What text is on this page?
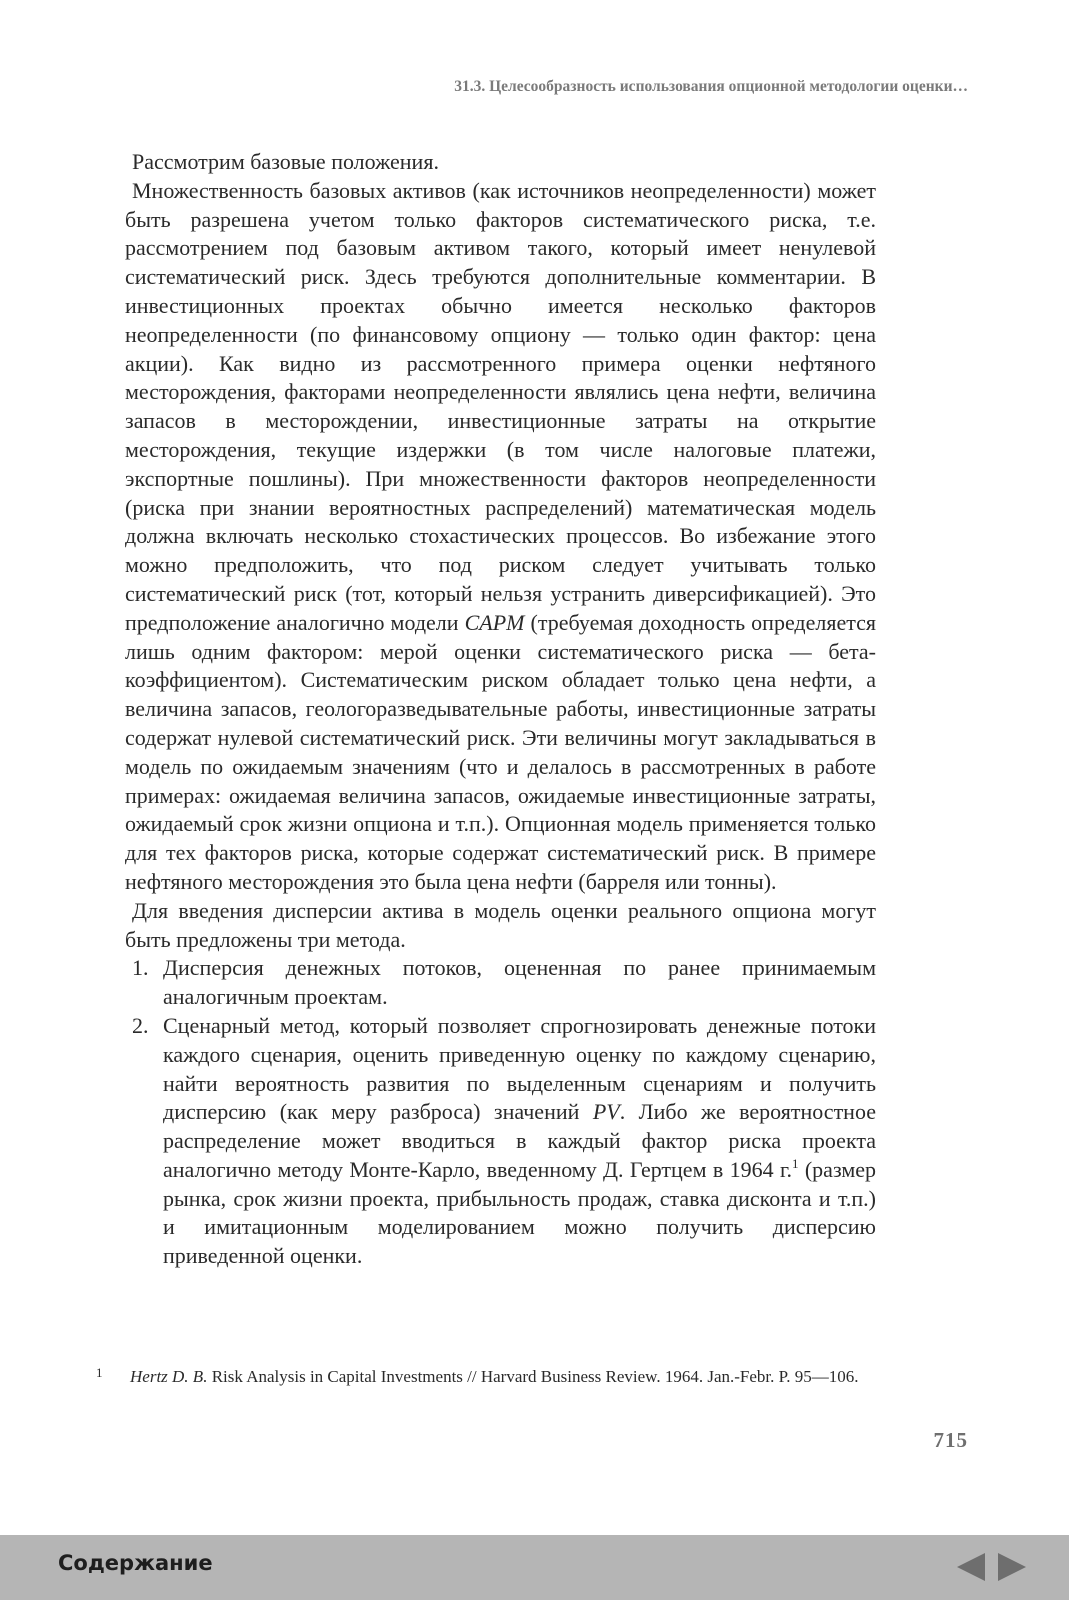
31.3. Целесообразность использования опционной методологии оценки…

Рассмотрим базовые положения.

Множественность базовых активов (как источников неопределенности) может быть разрешена учетом только факторов систематического риска, т.е. рассмотрением под базовым активом такого, который имеет ненулевой систематический риск. Здесь требуются дополнительные комментарии. В инвестиционных проектах обычно имеется несколько факторов неопределенности (по финансовому опциону — только один фактор: цена акции). Как видно из рассмотренного примера оценки нефтяного месторождения, факторами неопределенности являлись цена нефти, величина запасов в месторождении, инвестиционные затраты на открытие месторождения, текущие издержки (в том числе налоговые платежи, экспортные пошлины). При множественности факторов неопределенности (риска при знании вероятностных распределений) математическая модель должна включать несколько стохастических процессов. Во избежание этого можно предположить, что под риском следует учитывать только систематический риск (тот, который нельзя устранить диверсификацией). Это предположение аналогично модели CAPM (требуемая доходность определяется лишь одним фактором: мерой оценки систематического риска — бета-коэффициентом). Систематическим риском обладает только цена нефти, а величина запасов, геологоразведывательные работы, инвестиционные затраты содержат нулевой систематический риск. Эти величины могут закладываться в модель по ожидаемым значениям (что и делалось в рассмотренных в работе примерах: ожидаемая величина запасов, ожидаемые инвестиционные затраты, ожидаемый срок жизни опциона и т.п.). Опционная модель применяется только для тех факторов риска, которые содержат систематический риск. В примере нефтяного месторождения это была цена нефти (барреля или тонны).

Для введения дисперсии актива в модель оценки реального опциона могут быть предложены три метода.

1. Дисперсия денежных потоков, оцененная по ранее принимаемым аналогичным проектам.
2. Сценарный метод, который позволяет спрогнозировать денежные потоки каждого сценария, оценить приведенную оценку по каждому сценарию, найти вероятность развития по выделенным сценариям и получить дисперсию (как меру разброса) значений PV. Либо же вероятностное распределение может вводиться в каждый фактор риска проекта аналогично методу Монте-Карло, введенному Д. Гертцем в 1964 г.$^1$ (размер рынка, срок жизни проекта, прибыльность продаж, ставка дисконта и т.п.) и имитационным моделированием можно получить дисперсию приведенной оценки.
1	Hertz D. B. Risk Analysis in Capital Investments // Harvard Business Review. 1964. Jan.-Febr. P. 95—106.
715
Содержание
